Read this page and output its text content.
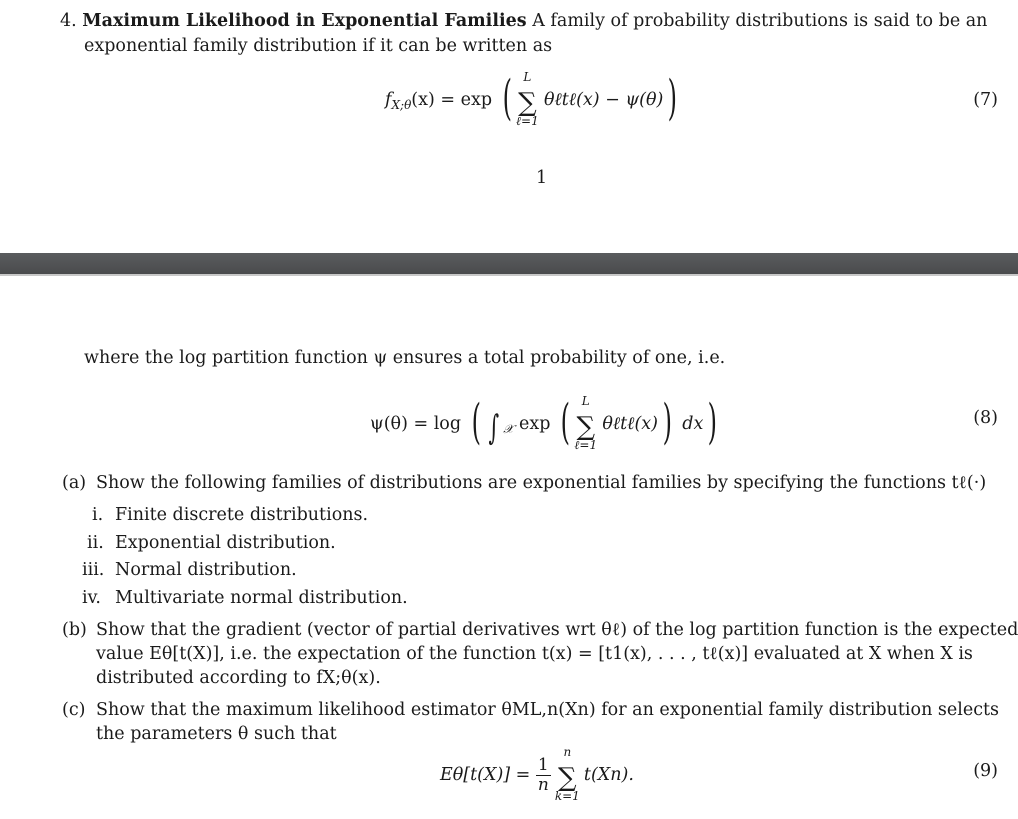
4. Maximum Likelihood in Exponential Families A family of probability distributions is said to be an
exponential family distribution if it can be written as
$f_{X;\theta}(x) = \exp$ ( ∑
L
ℓ=1
θℓtℓ(x) − ψ(θ))	(7)
1
where the log partition function ψ ensures a total probability of one, i.e.
ψ(θ) = log ( ∫ $_𝒳$ exp ( ∑
L
ℓ=1
θℓtℓ(x)) dx)	(8)
(a) Show the following families of distributions are exponential families by specifying the functions tℓ(·)
i. Finite discrete distributions.
ii. Exponential distribution.
iii. Normal distribution.
iv. Multivariate normal distribution.
(b) Show that the gradient (vector of partial derivatives wrt θℓ) of the log partition function is the expected
value Eθ[t(X)], i.e. the expectation of the function t(x) = [t1(x), . . . , tℓ(x)] evaluated at X when X is
distributed according to fX;θ(x).
(c) Show that the maximum likelihood estimator θML,n(Xn) for an exponential family distribution selects
the parameters θ such that
$E\theta[t(X)] = \frac{1}{n}$ ∑
n
k=1
t(Xn).	(9)
